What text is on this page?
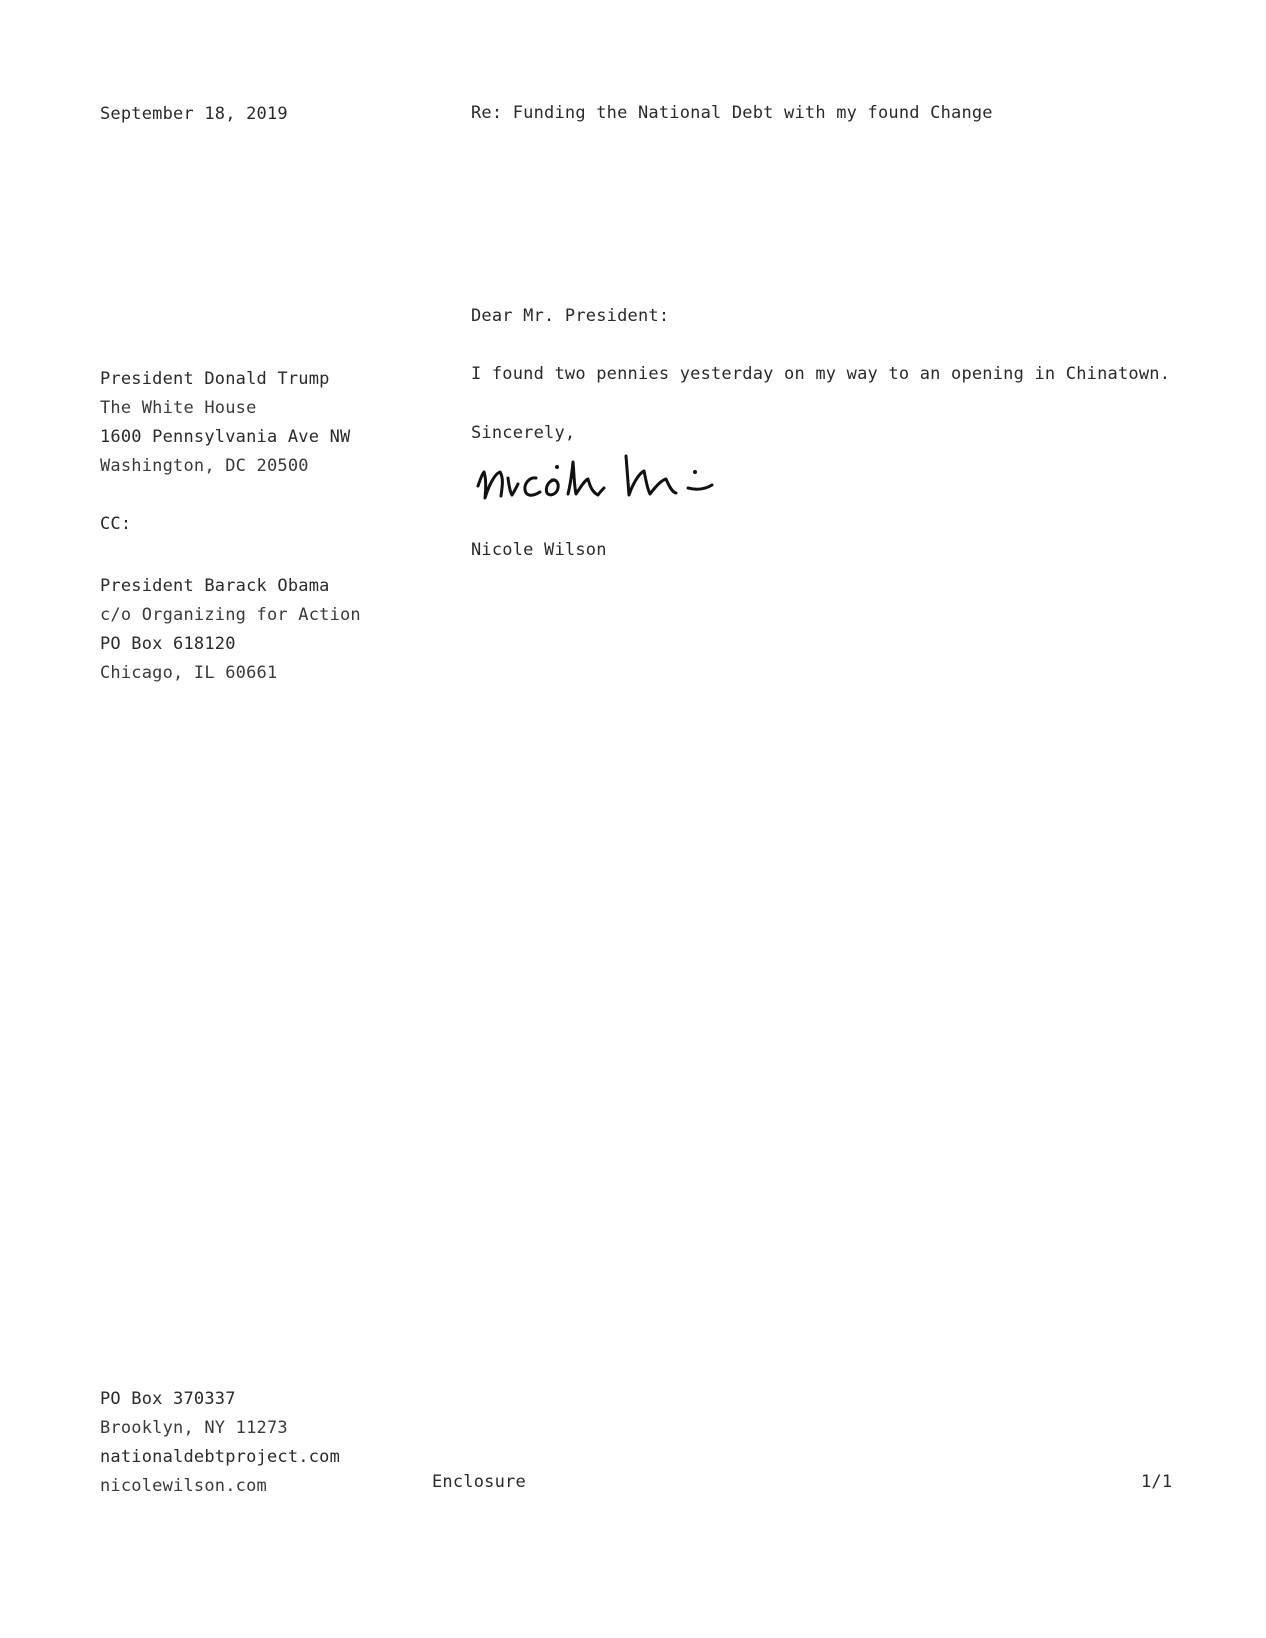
September 18, 2019	Re: Funding the National Debt with my found Change
President Donald Trump
The White House
1600 Pennsylvania Ave NW
Washington, DC 20500
CC:
President Barack Obama
c/o Organizing for Action
PO Box 618120
Chicago, IL 60661
Dear Mr. President:
I found two pennies yesterday on my way to an opening in Chinatown.
Sincerely,
Nicole Wilson
PO Box 370337
Brooklyn, NY 11273
nationaldebtproject.com
nicolewilson.com	Enclosure	1/1
